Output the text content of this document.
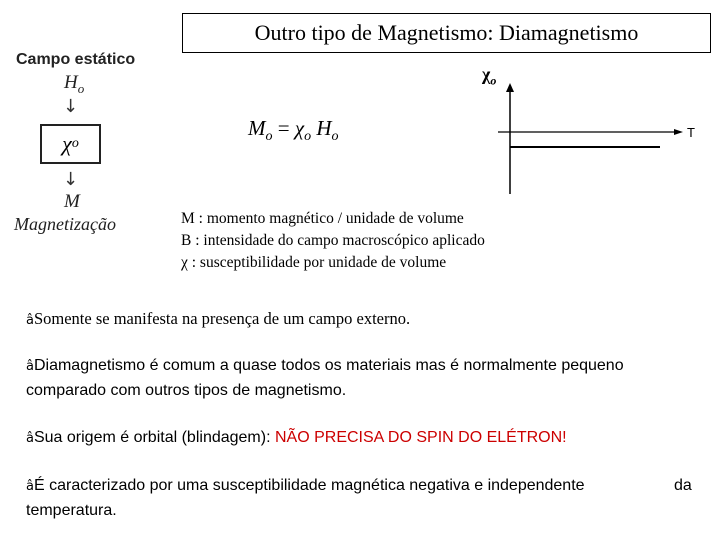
Outro tipo de Magnetismo: Diamagnetismo
Campo estático
$H_o$
↓
χ o
↓
M
Magnetização
$M_o = \chi_o$ $H_o$
$\chi_o$
T
M : momento magnético / unidade de volume
B : intensidade do campo macroscópico aplicado
χ : susceptibilidade por unidade de volume
âSomente se manifesta na presença de um campo externo.
âDiamagnetismo é comum a quase todos os materiais mas é normalmente pequeno
comparado com outros tipos de magnetismo.
âSua origem é orbital (blindagem): NÃO PRECISA DO SPIN DO ELÉTRON!
âÉ caracterizado por uma susceptibilidade magnética negativa e independente	da
temperatura.
